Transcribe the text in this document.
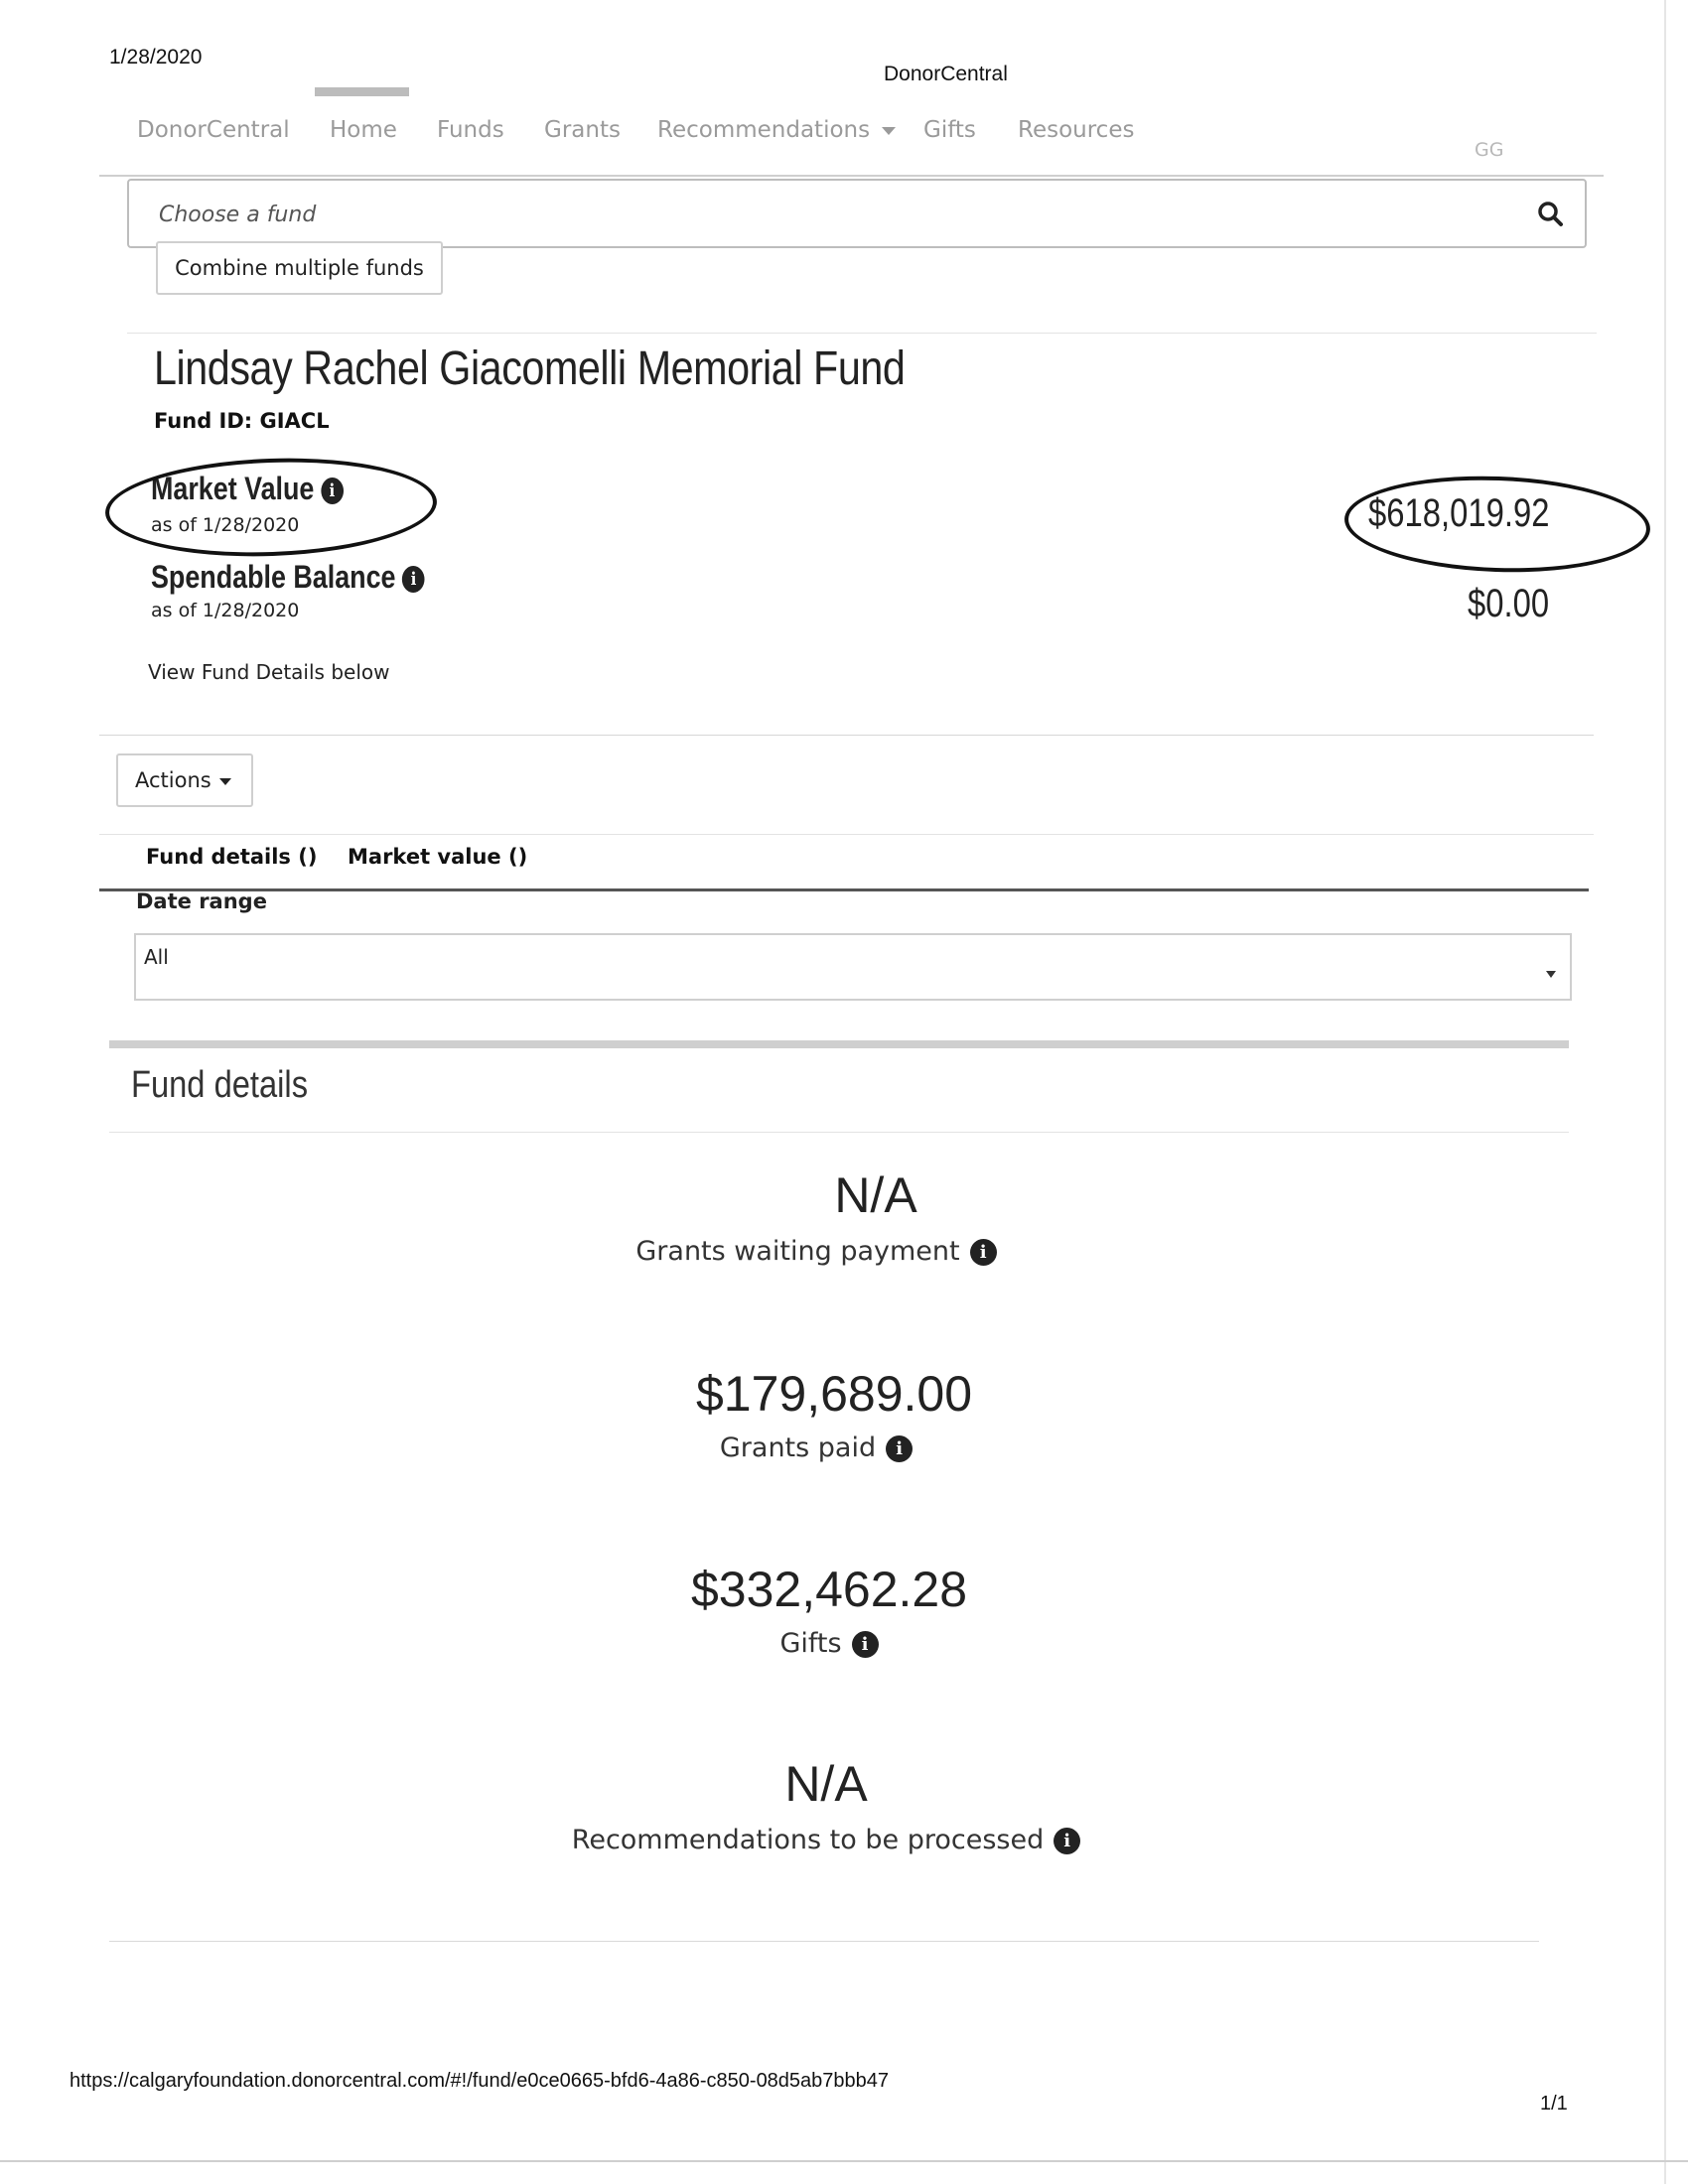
1/28/2020
DonorCentral
DonorCentral Home Funds Grants Recommendations	Gifts Resources
GG
Choose a fund
Combine multiple funds
Lindsay Rachel Giacomelli Memorial Fund
Fund ID: GIACL
Market Value i
as of 1/28/2020	$618,019.92
Spendable Balance i
as of 1/28/2020	$0.00
View Fund Details below
Actions
Fund details () Market value ()
Date range
All
Fund details
N/A
Grants waiting payment i
$179,689.00
Grants paid i
$332,462.28
Gifts i
N/A
Recommendations to be processed i
https://calgaryfoundation.donorcentral.com/#!/fund/e0ce0665-bfd6-4a86-c850-08d5ab7bbb47
1/1
